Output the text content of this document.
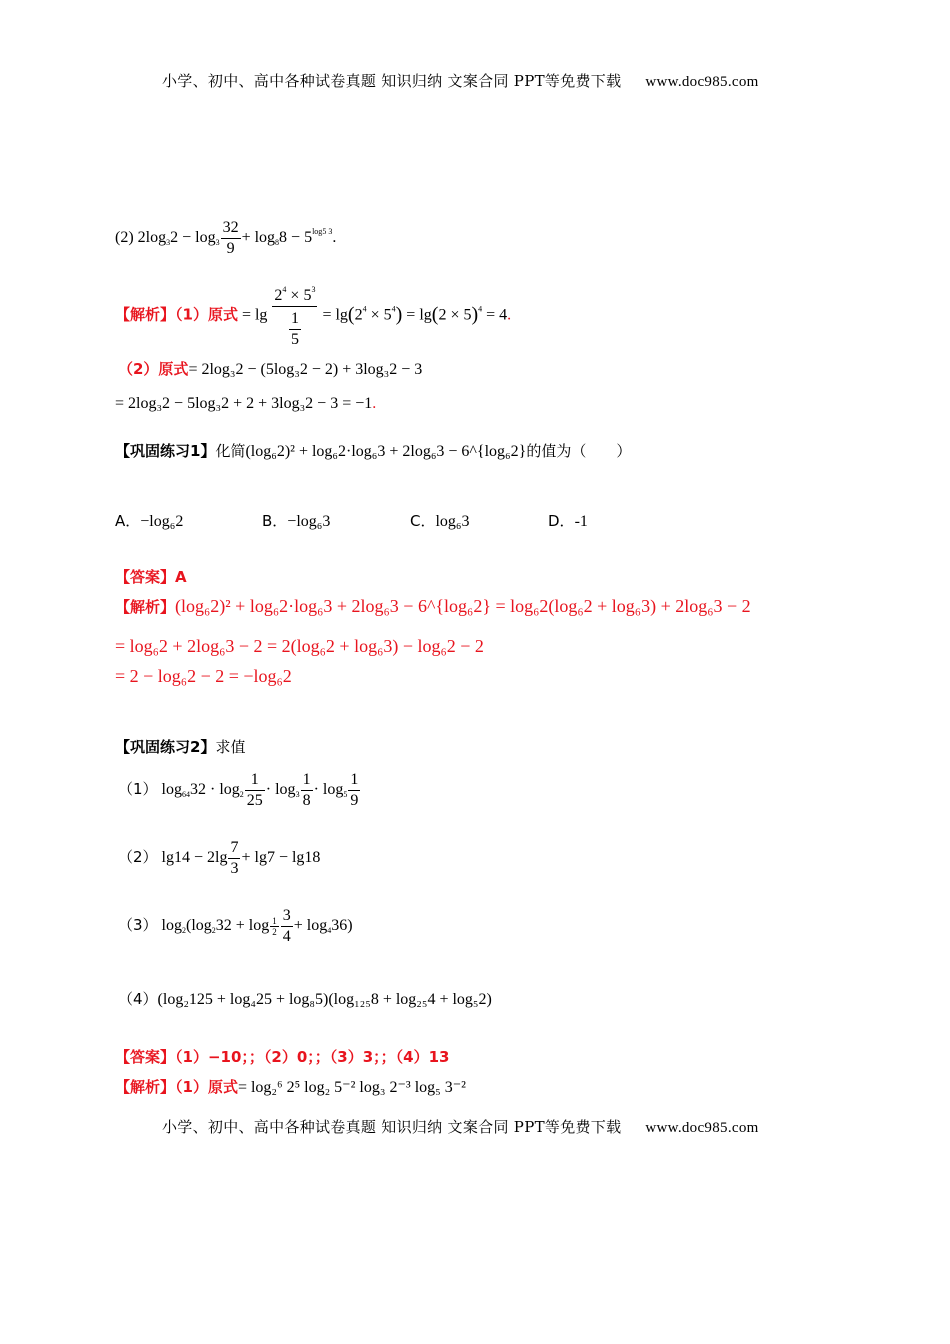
小学、初中、高中各种试卷真题 知识归纳 文案合同 PPT等免费下载 www.doc985.com
(2) $2\log_32 - \log_3 \frac{32}{9} + \log_88 - 5^{log5 3}$.
【解析】（1）原式 = $\lg \frac{2^4 \times 5^3}{\frac{1}{5}} = \lg(2^4 \times 5^4) = \lg(2 \times 5)^4 = 4$.
（2）原式= 2log₃2 − (5log₃2 − 2) + 3log₃2 − 3
= 2log₃2 − 5log₃2 + 2 + 3log₃2 − 3 = −1.
【巩固练习1】化简(log₆2)² + log₆2·log₆3 + 2log₆3 − 6^{log₆2}的值为（　　）
A．−log₆2	B．−log₆3	C．log₆3	D．-1
【答案】A
【解析】(log₆2)² + log₆2·log₆3 + 2log₆3 − 6^{log₆2} = log₆2(log₆2 + log₆3) + 2log₆3 − 2
= log₆2 + 2log₆3 − 2 = 2(log₆2 + log₆3) − log₆2 − 2
= 2 − log₆2 − 2 = −log₆2
【巩固练习2】求值
（1） $\log_{64}32 \cdot \log_2 \frac{1}{25} \cdot \log_3 \frac{1}{8} \cdot \log_5 \frac{1}{9}$
（2） $\lg 14 - 2\lg \frac{7}{3} + \lg 7 - \lg 18$
（3） $\log_2(\log_232 + \log \frac{1}{2} \frac{3}{4} + \log_436)$
（4）(log₂125 + log₄25 + log₈5)(log₁₂₅8 + log₂₅4 + log₅2)
【答案】（1）−10；；（2）0；；（3）3；；（4）13
【解析】（1）原式= log₂⁶ 2⁵ log₂ 5⁻² log₃ 2⁻³ log₅ 3⁻²
小学、初中、高中各种试卷真题 知识归纳 文案合同 PPT等免费下载 www.doc985.com
